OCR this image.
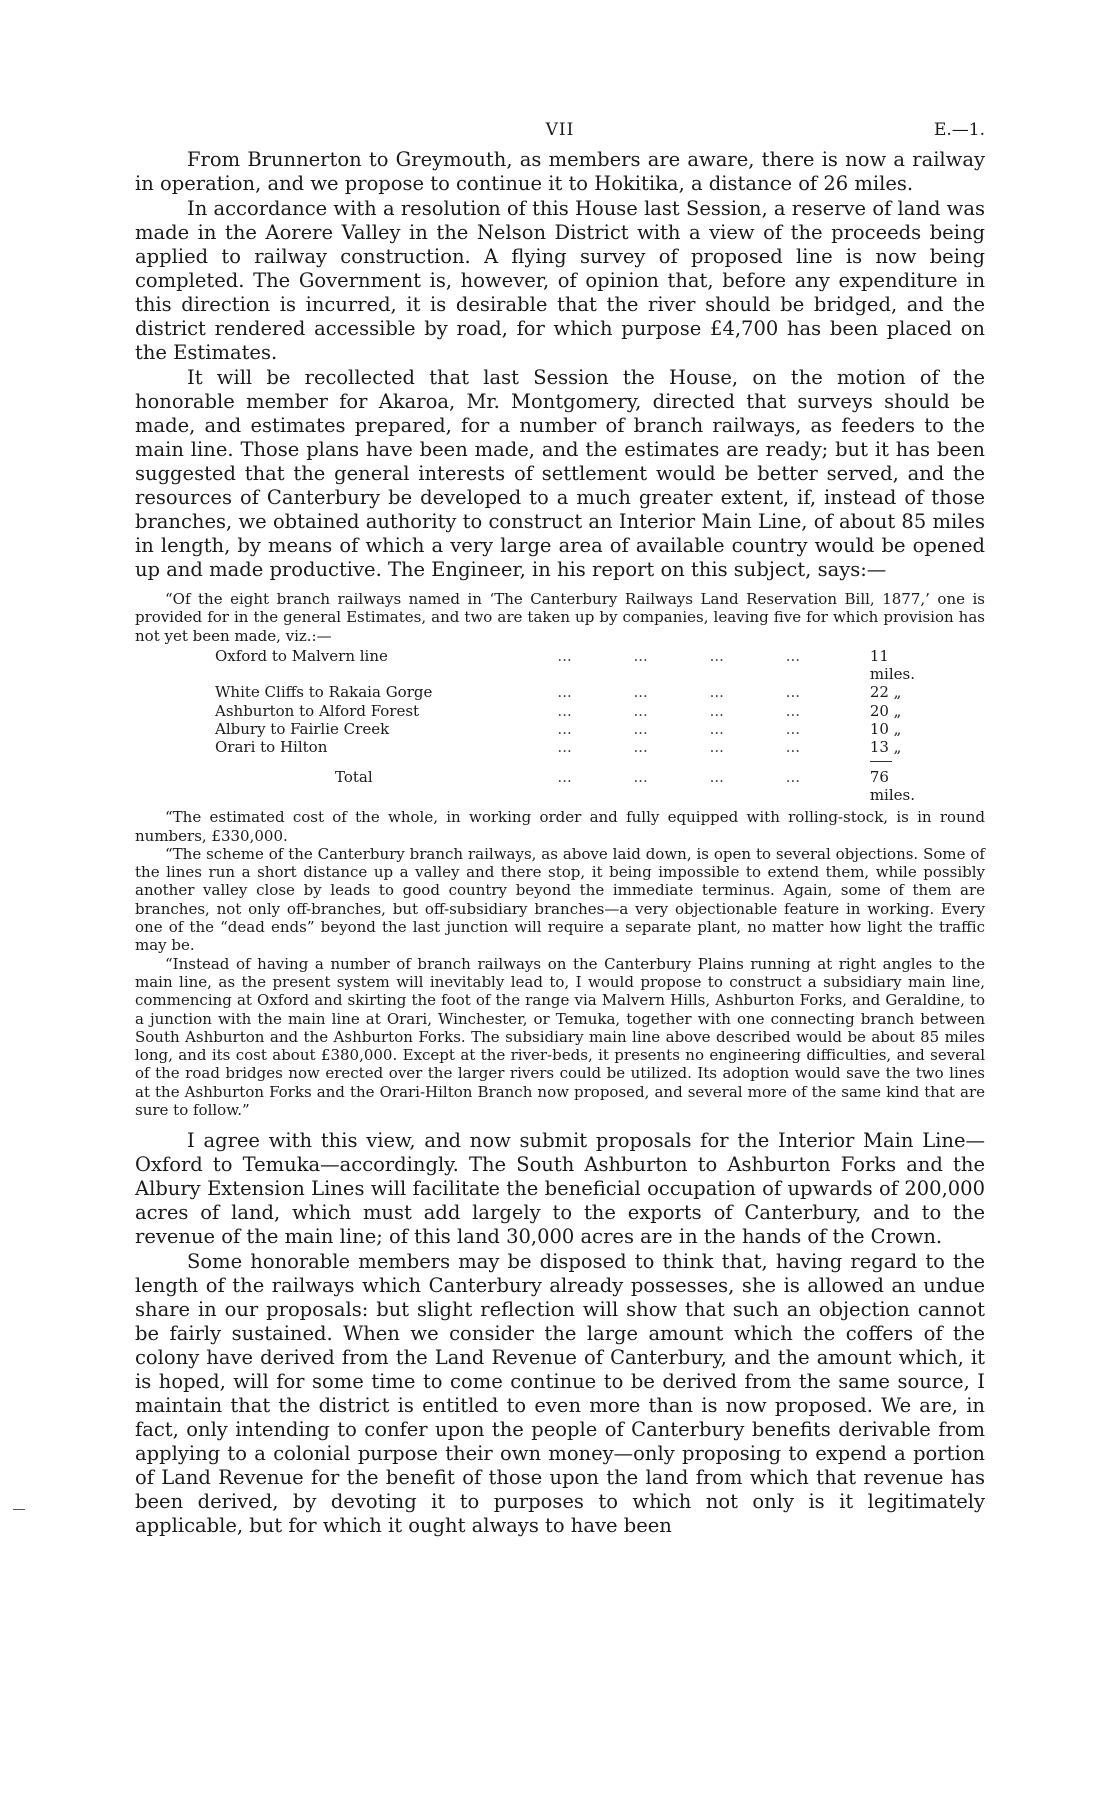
VII	E.—1.

From Brunnerton to Greymouth, as members are aware, there is now a railway in operation, and we propose to continue it to Hokitika, a distance of 26 miles.

In accordance with a resolution of this House last Session, a reserve of land was made in the Aorere Valley in the Nelson District with a view of the proceeds being applied to railway construction. A flying survey of proposed line is now being completed. The Government is, however, of opinion that, before any expenditure in this direction is incurred, it is desirable that the river should be bridged, and the district rendered accessible by road, for which purpose £4,700 has been placed on the Estimates.

It will be recollected that last Session the House, on the motion of the honorable member for Akaroa, Mr. Montgomery, directed that surveys should be made, and estimates prepared, for a number of branch railways, as feeders to the main line. Those plans have been made, and the estimates are ready; but it has been suggested that the general interests of settlement would be better served, and the resources of Canterbury be developed to a much greater extent, if, instead of those branches, we obtained authority to construct an Interior Main Line, of about 85 miles in length, by means of which a very large area of available country would be opened up and made productive. The Engineer, in his report on this subject, says:—

“Of the eight branch railways named in ‘The Canterbury Railways Land Reservation Bill, 1877,’ one is provided for in the general Estimates, and two are taken up by companies, leaving five for which provision has not yet been made, viz.:—

Oxford to Malvern line	...	...	...	...	11 miles.
White Cliffs to Rakaia Gorge	...	...	...	...	22 „
Ashburton to Alford Forest	...	...	...	...	20 „
Albury to Fairlie Creek	...	...	...	...	10 „
Orari to Hilton	...	...	...	...	13 „

Total	...	...	...	...	76 miles.

“The estimated cost of the whole, in working order and fully equipped with rolling-stock, is in round numbers, £330,000.

“The scheme of the Canterbury branch railways, as above laid down, is open to several objections. Some of the lines run a short distance up a valley and there stop, it being impossible to extend them, while possibly another valley close by leads to good country beyond the immediate terminus. Again, some of them are branches, not only off-branches, but off-subsidiary branches—a very objectionable feature in working. Every one of the “dead ends” beyond the last junction will require a separate plant, no matter how light the traffic may be.

“Instead of having a number of branch railways on the Canterbury Plains running at right angles to the main line, as the present system will inevitably lead to, I would propose to construct a subsidiary main line, commencing at Oxford and skirting the foot of the range via Malvern Hills, Ashburton Forks, and Geraldine, to a junction with the main line at Orari, Winchester, or Temuka, together with one connecting branch between South Ashburton and the Ashburton Forks. The subsidiary main line above described would be about 85 miles long, and its cost about £380,000. Except at the river-beds, it presents no engineering difficulties, and several of the road bridges now erected over the larger rivers could be utilized. Its adoption would save the two lines at the Ashburton Forks and the Orari-Hilton Branch now proposed, and several more of the same kind that are sure to follow.”

I agree with this view, and now submit proposals for the Interior Main Line—Oxford to Temuka—accordingly. The South Ashburton to Ashburton Forks and the Albury Extension Lines will facilitate the beneficial occupation of upwards of 200,000 acres of land, which must add largely to the exports of Canterbury, and to the revenue of the main line; of this land 30,000 acres are in the hands of the Crown.

Some honorable members may be disposed to think that, having regard to the length of the railways which Canterbury already possesses, she is allowed an undue share in our proposals: but slight reflection will show that such an objection cannot be fairly sustained. When we consider the large amount which the coffers of the colony have derived from the Land Revenue of Canterbury, and the amount which, it is hoped, will for some time to come continue to be derived from the same source, I maintain that the district is entitled to even more than is now proposed. We are, in fact, only intending to confer upon the people of Canterbury benefits derivable from applying to a colonial purpose their own money—only proposing to expend a portion of Land Revenue for the benefit of those upon the land from which that revenue has been derived, by devoting it to purposes to which not only is it legitimately applicable, but for which it ought always to have been
